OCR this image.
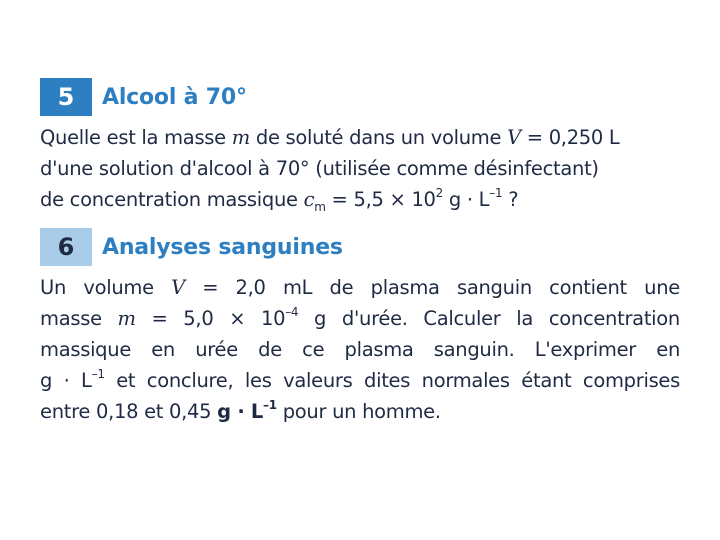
5	Alcool à 70°
Quelle est la masse m de soluté dans un volume V = 0,250 L
d'une solution d'alcool à 70° (utilisée comme désinfectant)
de concentration massique $c_m = 5,5 \times 10^2$ $g \cdot L^{-1}$ ?
6	Analyses sanguines
Un volume V = 2,0 mL de plasma sanguin contient une
masse $m = 5,0 \times 10^{-4}$ g d'urée. Calculer la concentration
massique en urée de ce plasma sanguin. L'exprimer en
$g \cdot L^{-1}$ et conclure, les valeurs dites normales étant comprises
entre 0,18 et 0,45 $g \cdot L^{-1}$ pour un homme.
